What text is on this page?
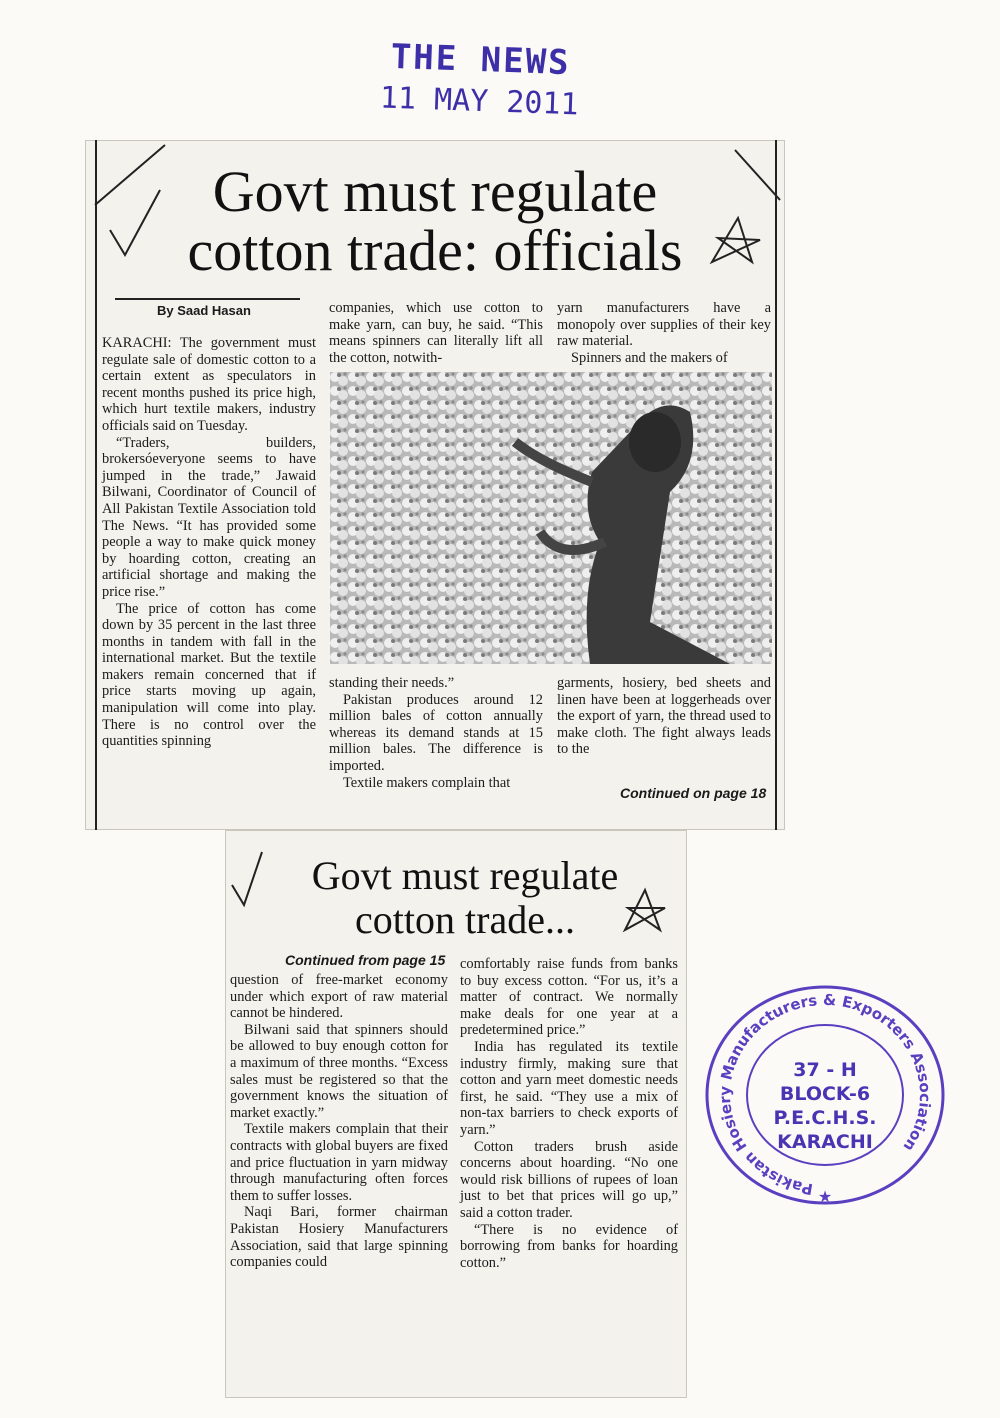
THE NEWS
11 MAY 2011
Govt must regulate
cotton trade: officials
By Saad Hasan

KARACHI: The government must regulate sale of domestic cotton to a certain extent as speculators in recent months pushed its price high, which hurt textile makers, industry officials said on Tuesday.

“Traders, builders, brokersóeveryone seems to have jumped in the trade,” Jawaid Bilwani, Coordinator of Council of All Pakistan Textile Association told The News. “It has provided some people a way to make quick money by hoarding cotton, creating an artificial shortage and making the price rise.”

The price of cotton has come down by 35 percent in the last three months in tandem with fall in the international market. But the textile makers remain concerned that if price starts moving up again, manipulation will come into play. There is no control over the quantities spinning

companies, which use cotton to make yarn, can buy, he said. “This means spinners can literally lift all the cotton, notwith-

yarn manufacturers have a monopoly over supplies of their key raw material.

Spinners and the makers of

standing their needs.”

Pakistan produces around 12 million bales of cotton annually whereas its demand stands at 15 million bales. The difference is imported.

Textile makers complain that

garments, hosiery, bed sheets and linen have been at loggerheads over the export of yarn, the thread used to make cloth. The fight always leads to the

Continued on page 18
Govt must regulate
cotton trade...
Continued from page 15

question of free-market economy under which export of raw material cannot be hindered.

Bilwani said that spinners should be allowed to buy enough cotton for a maximum of three months. “Excess sales must be registered so that the government knows the situation of market exactly.”

Textile makers complain that their contracts with global buyers are fixed and price fluctuation in yarn midway through manufacturing often forces them to suffer losses.

Naqi Bari, former chairman Pakistan Hosiery Manufacturers Association, said that large spinning companies could

comfortably raise funds from banks to buy excess cotton. “For us, it’s a matter of contract. We normally make deals for one year at a predetermined price.”

India has regulated its textile industry firmly, making sure that cotton and yarn meet domestic needs first, he said. “They use a mix of non-tax barriers to check exports of yarn.”

Cotton traders brush aside concerns about hoarding. “No one would risk billions of rupees of loan just to bet that prices will go up,” said a cotton trader.

“There is no evidence of borrowing from banks for hoarding cotton.”

Pakistan Hosiery Manufacturers & Exporters Association
★
37 - H
BLOCK-6
P.E.C.H.S.
KARACHI
